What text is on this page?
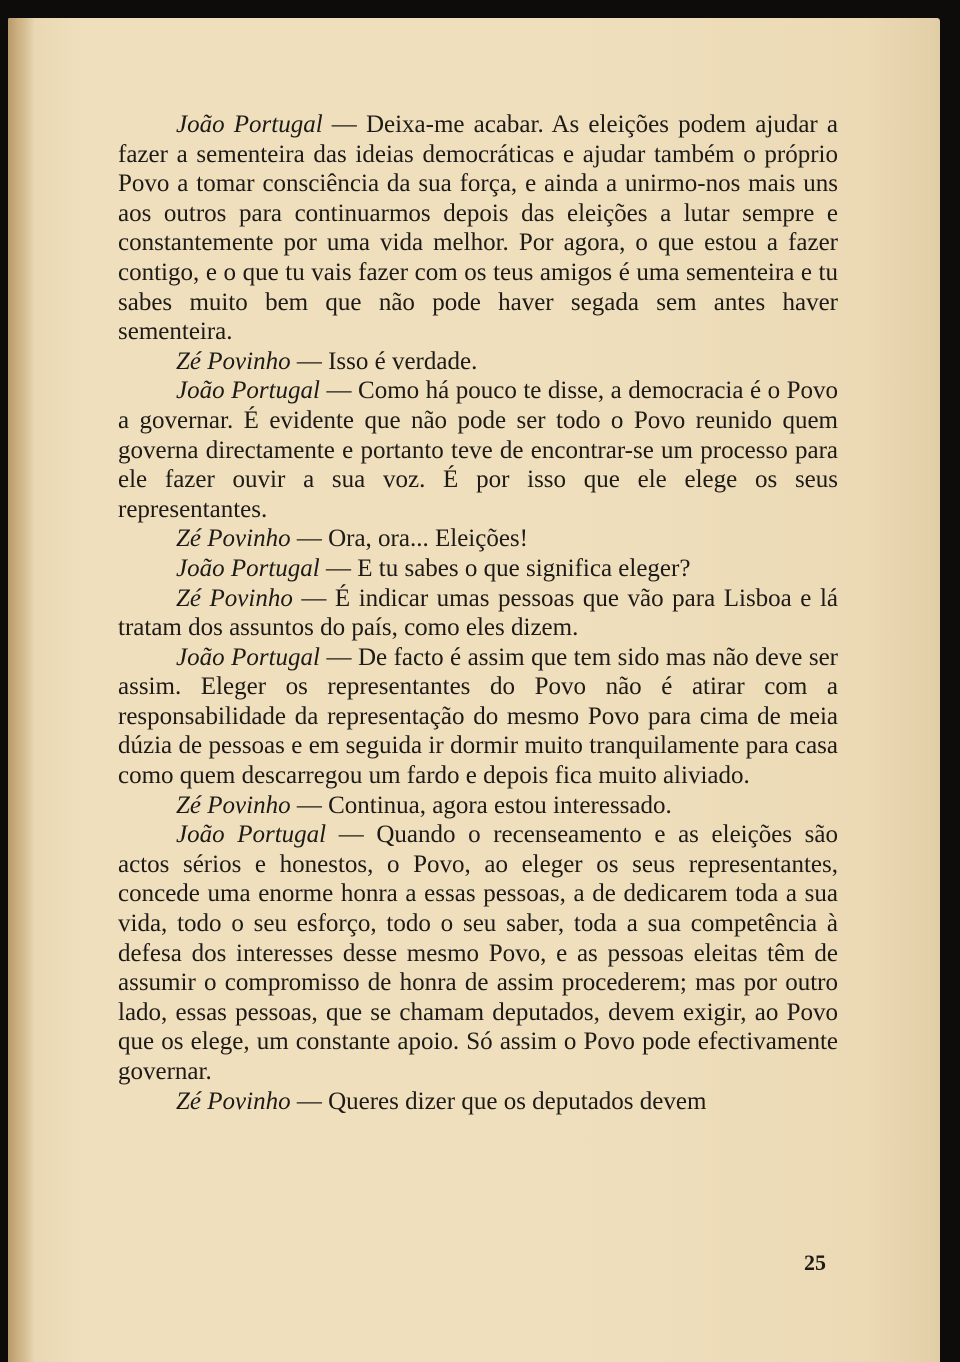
João Portugal — Deixa-me acabar. As eleições podem ajudar a fazer a sementeira das ideias democráticas e ajudar também o próprio Povo a tomar consciência da sua força, e ainda a unirmo-nos mais uns aos outros para continuarmos depois das eleições a lutar sempre e constantemente por uma vida melhor. Por agora, o que estou a fazer contigo, e o que tu vais fazer com os teus amigos é uma sementeira e tu sabes muito bem que não pode haver segada sem antes haver sementeira.

Zé Povinho — Isso é verdade.

João Portugal — Como há pouco te disse, a democracia é o Povo a governar. É evidente que não pode ser todo o Povo reunido quem governa directamente e portanto teve de encontrar-se um processo para ele fazer ouvir a sua voz. É por isso que ele elege os seus representantes.

Zé Povinho — Ora, ora... Eleições!

João Portugal — E tu sabes o que significa eleger?

Zé Povinho — É indicar umas pessoas que vão para Lisboa e lá tratam dos assuntos do país, como eles dizem.

João Portugal — De facto é assim que tem sido mas não deve ser assim. Eleger os representantes do Povo não é atirar com a responsabilidade da representação do mesmo Povo para cima de meia dúzia de pessoas e em seguida ir dormir muito tranquilamente para casa como quem descarregou um fardo e depois fica muito aliviado.

Zé Povinho — Continua, agora estou interessado.

João Portugal — Quando o recenseamento e as eleições são actos sérios e honestos, o Povo, ao eleger os seus representantes, concede uma enorme honra a essas pessoas, a de dedicarem toda a sua vida, todo o seu esforço, todo o seu saber, toda a sua competência à defesa dos interesses desse mesmo Povo, e as pessoas eleitas têm de assumir o compromisso de honra de assim procederem; mas por outro lado, essas pessoas, que se chamam deputados, devem exigir, ao Povo que os elege, um constante apoio. Só assim o Povo pode efectivamente governar.

Zé Povinho — Queres dizer que os deputados devem

25
